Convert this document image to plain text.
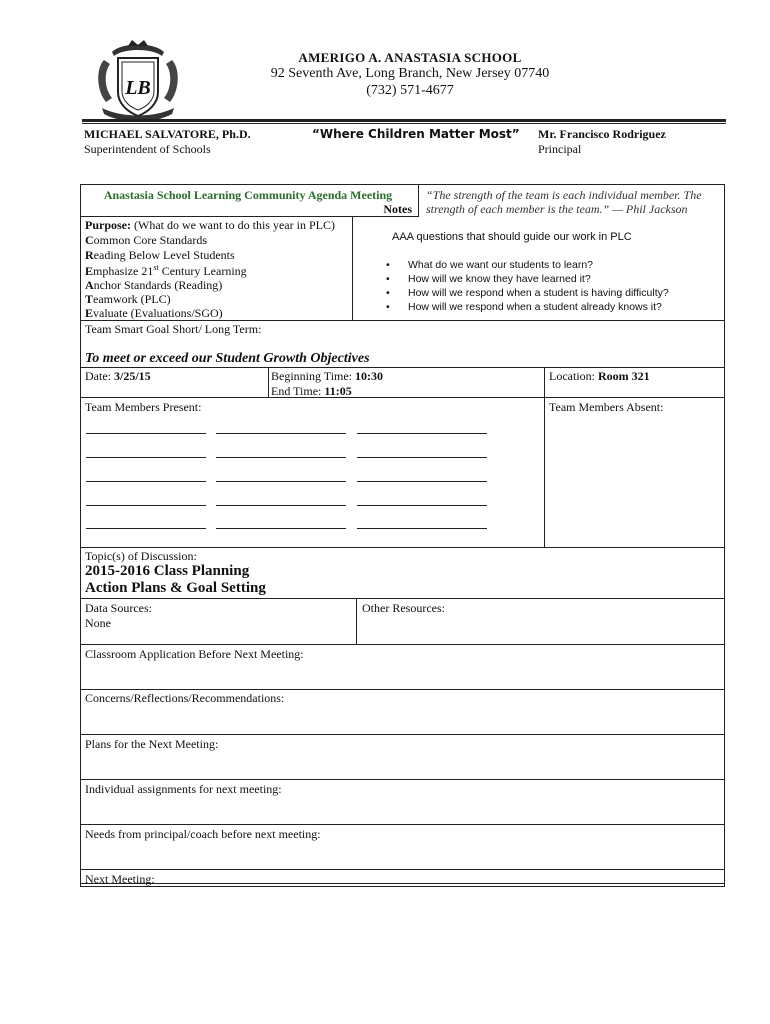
LB
AMERIGO A. ANASTASIA SCHOOL
92 Seventh Ave, Long Branch, New Jersey 07740
(732) 571-4677
MICHAEL SALVATORE, Ph.D.
Superintendent of Schools
“Where Children Matter Most” Mr. Francisco Rodriguez
Principal
Anastasia School Learning Community Agenda Meeting
Notes
“The strength of the team is each individual member. The
strength of each member is the team.” — Phil Jackson
Purpose: (What do we want to do this year in PLC)
Common Core Standards
Reading Below Level Students
Emphasize 21st Century Learning
Anchor Standards (Reading)
Teamwork (PLC)
Evaluate (Evaluations/SGO)
AAA questions that should guide our work in PLC
• What do we want our students to learn?
• How will we know they have learned it?
• How will we respond when a student is having difficulty?
• How will we respond when a student already knows it?
Team Smart Goal Short/ Long Term:
To meet or exceed our Student Growth Objectives
Date: 3/25/15	Beginning Time: 10:30
End Time: 11:05
Location: Room 321
Team Members Present:	Team Members Absent:
Topic(s) of Discussion:
2015-2016 Class Planning
Action Plans & Goal Setting
Data Sources:
None
Other Resources:
Classroom Application Before Next Meeting:
Concerns/Reflections/Recommendations:
Plans for the Next Meeting:
Individual assignments for next meeting:
Needs from principal/coach before next meeting:
Next Meeting:
